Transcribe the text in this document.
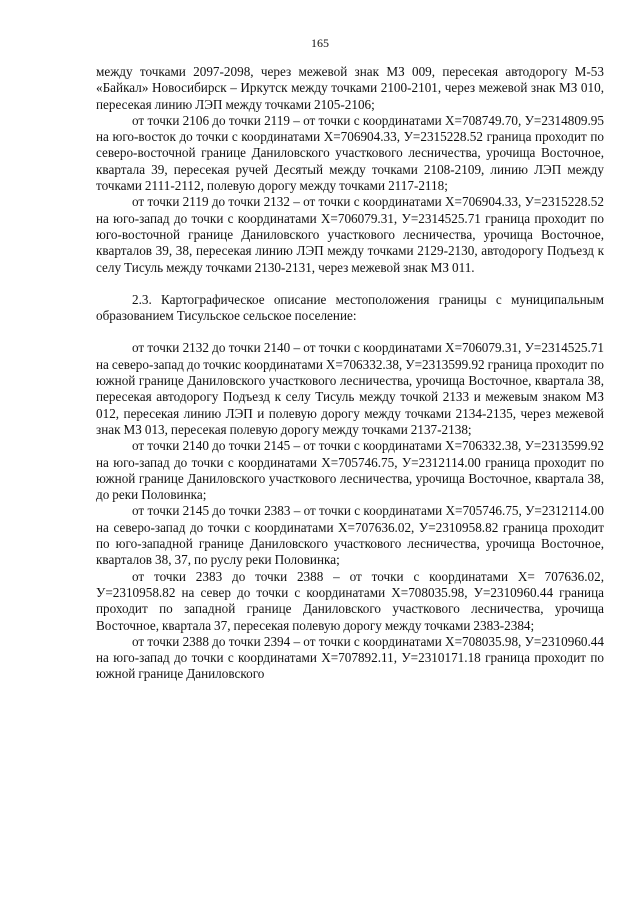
165

между точками 2097-2098, через межевой знак МЗ 009, пересекая автодорогу М-53 «Байкал» Новосибирск – Иркутск между точками 2100-2101, через межевой знак МЗ 010, пересекая линию ЛЭП между точками 2105-2106;

от точки 2106 до точки 2119 – от точки с координатами Х=708749.70, У=2314809.95 на юго-восток до точки с координатами Х=706904.33, У=2315228.52 граница проходит по северо-восточной границе Даниловского участкового лесничества, урочища Восточное, квартала 39, пересекая ручей Десятый между точками 2108-2109, линию ЛЭП между точками 2111-2112, полевую дорогу между точками 2117-2118;

от точки 2119 до точки 2132 – от точки с координатами Х=706904.33, У=2315228.52 на юго-запад до точки с координатами Х=706079.31, У=2314525.71 граница проходит по юго-восточной границе Даниловского участкового лесничества, урочища Восточное, кварталов 39, 38, пересекая линию ЛЭП между точками 2129-2130, автодорогу Подъезд к селу Тисуль между точками 2130-2131, через межевой знак МЗ 011.

2.3. Картографическое описание местоположения границы с муниципальным образованием Тисульское сельское поселение:

от точки 2132 до точки 2140 – от точки с координатами Х=706079.31, У=2314525.71 на северо-запад до точкис координатами Х=706332.38, У=2313599.92 граница проходит по южной границе Даниловского участкового лесничества, урочища Восточное, квартала 38, пересекая автодорогу Подъезд к селу Тисуль между точкой 2133 и межевым знаком МЗ 012, пересекая линию ЛЭП и полевую дорогу между точками 2134-2135, через межевой знак МЗ 013, пересекая полевую дорогу между точками 2137-2138;

от точки 2140 до точки 2145 – от точки с координатами Х=706332.38, У=2313599.92 на юго-запад до точки с координатами Х=705746.75, У=2312114.00 граница проходит по южной границе Даниловского участкового лесничества, урочища Восточное, квартала 38, до реки Половинка;

от точки 2145 до точки 2383 – от точки с координатами Х=705746.75, У=2312114.00 на северо-запад до точки с координатами Х=707636.02, У=2310958.82 граница проходит по юго-западной границе Даниловского участкового лесничества, урочища Восточное, кварталов 38, 37, по руслу реки Половинка;

от точки 2383 до точки 2388 – от точки с координатами Х= 707636.02, У=2310958.82 на север до точки с координатами Х=708035.98, У=2310960.44 граница проходит по западной границе Даниловского участкового лесничества, урочища Восточное, квартала 37, пересекая полевую дорогу между точками 2383-2384;

от точки 2388 до точки 2394 – от точки с координатами Х=708035.98, У=2310960.44 на юго-запад до точки с координатами Х=707892.11, У=2310171.18 граница проходит по южной границе Даниловского
